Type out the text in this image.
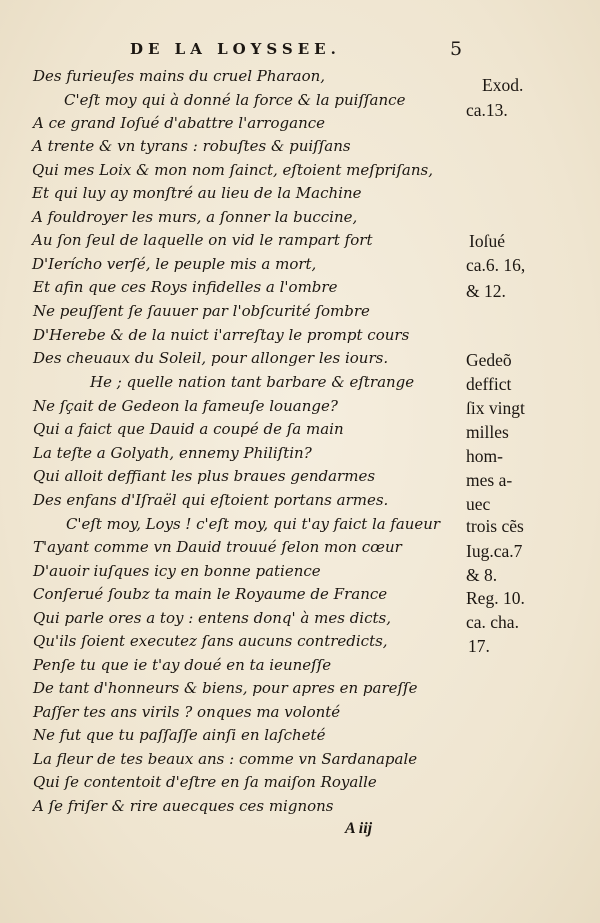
DE LA LOYSSEE.	5
Des furieuſes mains du cruel Pharaon,
C'eſt moy qui à donné la force & la puiſſance
A ce grand Ioſué d'abattre l'arrogance
A trente & vn tyrans : robuſtes & puiſſans
Qui mes Loix & mon nom ſainct, eſtoient meſpriſans,
Et qui luy ay monſtré au lieu de la Machine
A fouldroyer les murs, a ſonner la buccine,
Au ſon ſeul de laquelle on vid le rampart fort
D'Ierícho verſé, le peuple mis a mort,
Et afin que ces Roys infidelles a l'ombre
Ne peuſſent ſe ſauuer par l'obſcurité ſombre
D'Herebe & de la nuict i'arreſtay le prompt cours
Des cheuaux du Soleil, pour allonger les iours.
He ; quelle nation tant barbare & eſtrange
Ne ſçait de Gedeon la fameuſe louange?
Qui a faict que Dauid a coupé de ſa main
La teſte a Golyath, ennemy Philiſtin?
Qui alloit deffiant les plus braues gendarmes
Des enfans d'Iſraël qui eſtoient portans armes.
C'eſt moy, Loys ! c'eſt moy, qui t'ay faict la faueur
T'ayant comme vn Dauid trouué ſelon mon cœur
D'auoir iuſques icy en bonne patience
Conſerué ſoubz ta main le Royaume de France
Qui parle ores a toy : entens donq' à mes dicts,
Qu'ils ſoient executez ſans aucuns contredicts,
Penſe tu que ie t'ay doué en ta ieuneſſe
De tant d'honneurs & biens, pour apres en pareſſe
Paſſer tes ans virils ? onques ma volonté
Ne fut que tu paſſaſſe ainſi en laſcheté
La fleur de tes beaux ans : comme vn Sardanapale
Qui ſe contentoit d'eſtre en ſa maiſon Royalle
A ſe friſer & rire auecques ces mignons
Exod.
ca.13.
Ioſué
ca.6. 16,
& 12.
Gedeõ
deffict
ſix vingt
milles
hom-
mes a-
uec
trois cẽs
Iug.ca.7
& 8.
Reg. 10.
ca. cha.
17.
A iij
